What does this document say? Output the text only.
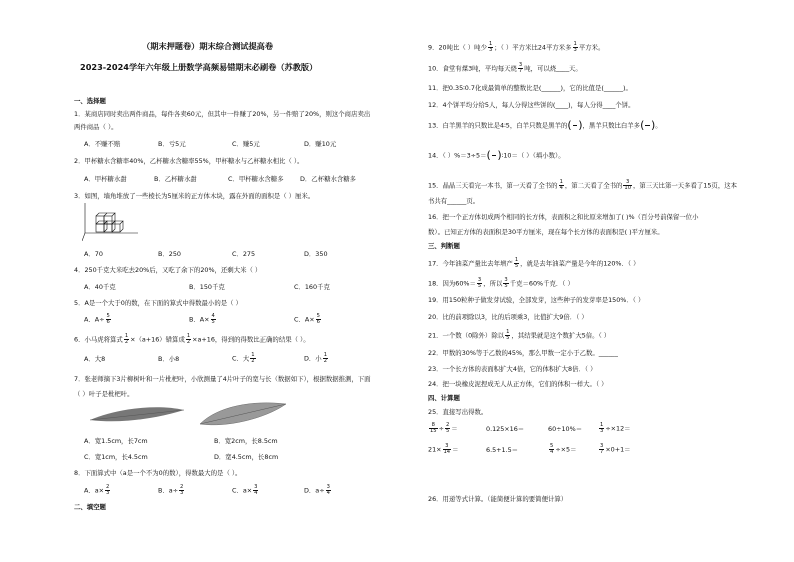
（期末押题卷）期末综合测试提高卷
2023-2024学年六年级上册数学高频易错期末必刷卷（苏教版）
一、选择题
1．某商店同时卖出两件商品，每件各卖60元，但其中一件赚了20%，另一件赔了20%，则这个商店卖出
两件商品（ ）。
A．不赚不赔	B．亏5元	C．赚5元	D．赚10元
2．甲杯糖水含糖率40%，乙杯糖水含糖率55%，甲杯糖水与乙杯糖水相比（ ）。
A．甲杯糖水甜	B．乙杯糖水甜	C．甲杯糖水含糖多	D．乙杯糖水含糖多
3．如图，墙角堆放了一些棱长为5厘米的正方体木块，露在外面的面积是（ ）厘米。
A．70	B．250	C．275	D．350
4．250千克大米吃去20%后，又吃了余下的20%，还剩大米（ ）
A．40千克	B．150千克	C．160千克
5．A是一个大于0的数，在下面的算式中得数最小的是（ ）
A．$A\div \frac{5}{6}$	B．$A\times \frac{4}{5}$	C．$A\times \frac{5}{6}$
6．小马虎将算式 $\frac{1}{2} \times(a+16)$错算成 $\frac{1}{2} \times a+16$，得到的得数比正确的结果（ ）。
A．大8	B．小8	C．大 $\frac{1}{2}$	D．小 $\frac{1}{2}$
7．张老师摘下3片柳树叶和一片枇杷叶，小欣测量了4片叶子的宽与长（数据如下），根据数据推测，下面
（ ）叶子是枇杷叶。
A．宽1.5cm，长7cm	B．宽2cm，长8.5cm
C．宽1cm，长4.5cm	D．宽4.5cm，长8cm
8．下面算式中（a是一个不为0的数），得数最大的是（ ）。
A．$a\times \frac{2}{3}$	B．$a\div \frac{2}{3}$	C．$a\times \frac{3}{4}$	D．$a\div \frac{3}{4}$
二、填空题
9．20吨比（ ）吨少 $\frac{1}{3}$ ；（ ）平方米比24平方米多 $\frac{1}{3}$ 平方米。
10．食堂有煤3吨，平均每天烧 $\frac{3}{7}$ 吨，可以烧____天。
11．把0.35∶0.7化成最简单的整数比是(______)，它的比值是(______)。
12．4个饼平均分给5人，每人分得这些饼的(____)，每人分得____个饼。
13．白羊黑羊的只数比是4∶5，白羊只数是黑羊的(

  )，黑羊只数比白羊多(

  )。
14．（ ）%＝3÷5＝(

  )∶10＝（ ）（填小数）。
15．晶晶三天看完一本书，第一天看了全书的 $\frac{1}{4}$ ，第二天看了全书的 $\frac{3}{10}$ ，第三天比第一天多看了15页，这本
书共有______页。
16．把一个正方体切成两个相同的长方体，表面积之和比原来增加了( )%（百分号前保留一位小
数）。已知正方体的表面积是30平方厘米，现在每个长方体的表面积是( )平方厘米。
三、判断题
17．今年油菜产量比去年增产 $\frac{1}{5}$ ，就是去年油菜产量是今年的120%．（ ）
18．因为$60\%= \frac{3}{5}$ ，所以 $\frac{3}{5}$ 千克＝60%千克．（ ）
19．用150粒种子做发芽试验，全部发芽，这些种子的发芽率是150%．（ ）
20．比的前项除以3，比的后项乘3，比值扩大9倍．（ ）
21．一个数（0除外）除以 $\frac{1}{5}$ ，其结果就是这个数扩大5倍。（ ）
22．甲数的30%等于乙数的45%，那么甲数一定小于乙数。______
23．一个长方体的表面积扩大4倍，它的体积扩大8倍．（ ）
24．把一块橡皮泥捏成无人从正方体，它们的体积一样大。（ ）
四、计算题
25．直接写出得数。
$\frac{8}{15} \div \frac{2}{5}$ ＝	0.125×16＝	60÷10%＝	$\frac{1}{3} \div\times 12=$
$21\times \frac{3}{14}$ ＝	6.5+1.5＝	$\frac{5}{4} \div\times 5=$	$\frac{3}{7} \times 0+1=$
26．用递等式计算。（能简便计算的要简便计算）
